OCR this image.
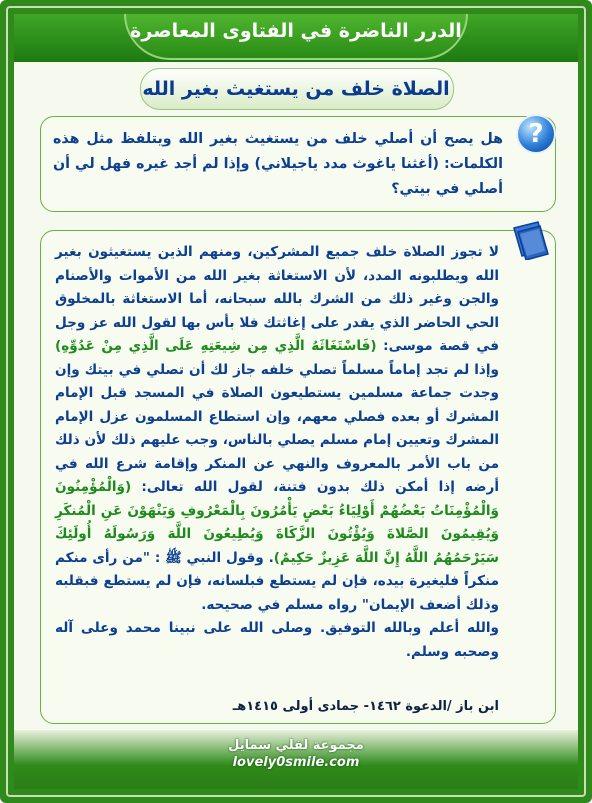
الدرر الناضرة في الفتاوى المعاصرة
الصلاة خلف من يستغيث بغير الله
هل يصح أن أصلي خلف من يستغيث بغير الله ويتلفظ مثل هذه الكلمات: (أغثنا ياغوث مدد ياجيلاني) وإذا لم أجد غيره فهل لي أن أصلي في بيتي؟
?

لا تجوز الصلاة خلف جميع المشركين، ومنهم الذين يستغيثون بغير الله ويطلبونه المدد، لأن الاستغاثة بغير الله من الأموات والأصنام والجن وغير ذلك من الشرك بالله سبحانه، أما الاستغاثة بالمخلوق الحي الحاضر الذي يقدر على إغاثتك فلا بأس بها لقول الله عز وجل في قصة موسى: (فَاسْتَغَاثَهُ الَّذِي مِن شِيعَتِهِ عَلَى الَّذِي مِنْ عَدُوِّهِ) وإذا لم تجد إماماً مسلماً تصلي خلفه جاز لك أن تصلي في بيتك وإن وجدت جماعة مسلمين يستطيعون الصلاة في المسجد قبل الإمام المشرك أو بعده فصلي معهم، وإن استطاع المسلمون عزل الإمام المشرك وتعيين إمام مسلم يصلي بالناس، وجب عليهم ذلك لأن ذلك من باب الأمر بالمعروف والنهي عن المنكر وإقامة شرع الله في أرضه إذا أمكن ذلك بدون فتنة، لقول الله تعالى: (وَالْمُؤْمِنُونَ وَالْمُؤْمِنَاتُ بَعْضُهُمْ أَوْلِيَاءُ بَعْضٍ يَأْمُرُونَ بِالْمَعْرُوفِ وَيَنْهَوْنَ عَنِ الْمُنكَرِ وَيُقِيمُونَ الصَّلاةَ وَيُؤْتُونَ الزَّكَاةَ وَيُطِيعُونَ اللَّهَ وَرَسُولَهُ أُولَئِكَ سَيَرْحَمُهُمُ اللَّهُ إِنَّ اللَّهَ عَزِيزٌ حَكِيمٌ). وقول النبي ﷺ : "من رأى منكم منكراً فليغيرة بيده، فإن لم يستطع فبلسانه، فإن لم يستطع فبقلبه وذلك أضعف الإيمان" رواه مسلم في صحيحه.

والله أعلم وبالله التوفيق. وصلى الله على نبينا محمد وعلى آله وصحبه وسلم.

ابن باز /الدعوة ١٤٦٢- جمادى أولى ١٤١٥هـ
مجموعة لفلي سمايل
lovely0smile.com
